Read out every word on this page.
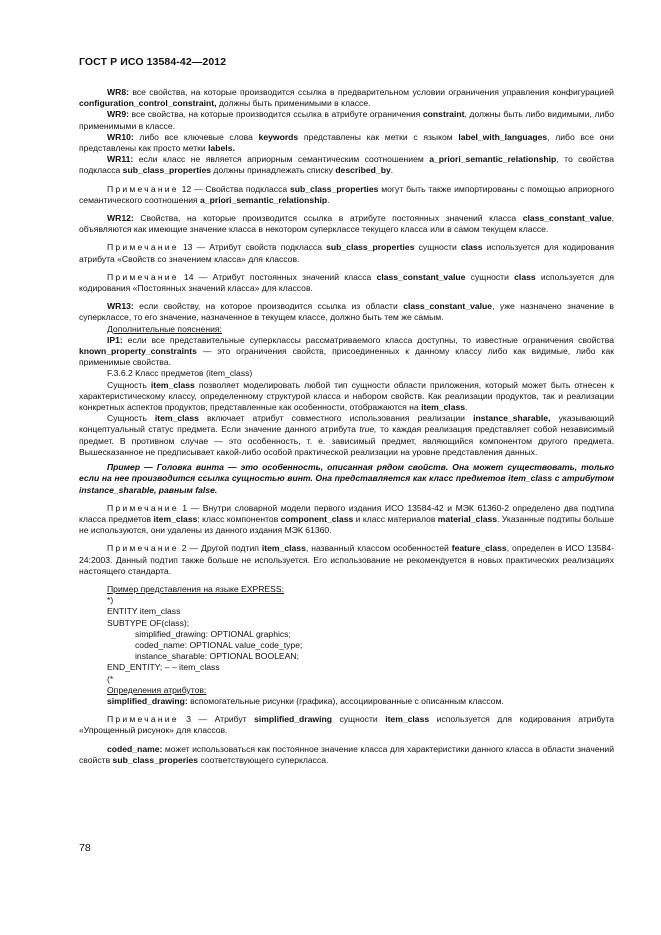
ГОСТ Р ИСО 13584-42—2012

WR8: все свойства, на которые производится ссылка в предварительном условии ограничения управления конфигурацией configuration_control_constraint, должны быть применимыми в классе.

WR9: все свойства, на которые производится ссылка в атрибуте ограничения constraint, должны быть либо видимыми, либо применимыми в классе.

WR10: либо все ключевые слова keywords представлены как метки с языком label_with_languages, либо все они представлены как просто метки labels.

WR11: если класс не является априорным семантическим соотношением a_priori_semantic_relationship, то свойства подкласса sub_class_properties должны принадлежать списку described_by.

Примечание 12 — Свойства подкласса sub_class_properties могут быть также импортированы с помощью априорного семантического соотношения a_priori_semantic_relationship.

WR12: Свойства, на которые производится ссылка в атрибуте постоянных значений класса class_constant_value, объявляются как имеющие значение класса в некотором суперклассе текущего класса или в самом текущем классе.

Примечание 13 — Атрибут свойств подкласса sub_class_properties сущности class используется для кодирования атрибута «Свойств со значением класса» для классов.

Примечание 14 — Атрибут постоянных значений класса class_constant_value сущности class используется для кодирования «Постоянных значений класса» для классов.

WR13: если свойству, на которое производится ссылка из области class_constant_value, уже назначено значение в суперклассе, то его значение, назначенное в текущем классе, должно быть тем же самым.

Дополнительные пояснения:

IP1: если все представительные суперклассы рассматриваемого класса доступны, то известные ограничения свойства known_property_constraints — это ограничения свойств, присоединенных к данному классу либо как видимые, либо как применимые свойства.

F.3.6.2 Класс предметов (item_class)

Сущность item_class позволяет моделировать любой тип сущности области приложения, который может быть отнесен к характеристическому классу, определенному структурой класса и набором свойств. Как реализации продуктов, так и реализации конкретных аспектов продуктов, представленные как особенности, отображаются на item_class.

Сущность item_class включает атрибут совместного использования реализации instance_sharable, указывающий концептуальный статус предмета. Если значение данного атрибута true, то каждая реализация представляет собой независимый предмет. В противном случае — это особенность, т. е. зависимый предмет, являющийся компонентом другого предмета. Вышесказанное не предписывает какой-либо особой практической реализации на уровне представления данных.

Пример — Головка винта — это особенность, описанная рядом свойств. Она может существовать, только если на нее производится ссылка сущностью винт. Она представляется как класс предметов item_class с атрибутом instance_sharable, равным false.

Примечание 1 — Внутри словарной модели первого издания ИСО 13584-42 и МЭК 61360-2 определено два подтипа класса предметов item_class: класс компонентов component_class и класс материалов material_class. Указанные подтипы больше не используются, они удалены из данного издания МЭК 61360.

Примечание 2 — Другой подтип item_class, названный классом особенностей feature_class, определен в ИСО 13584-24:2003. Данный подтип также больше не используется. Его использование не рекомендуется в новых практических реализациях настоящего стандарта.

Пример представления на языке EXPRESS:

*)
ENTITY item_class
SUBTYPE OF(class);
simplified_drawing: OPTIONAL graphics;
coded_name: OPTIONAL value_code_type;
instance_sharable: OPTIONAL BOOLEAN;
END_ENTITY; – – item_class
(*

Определения атрибутов:

simplified_drawing: вспомогательные рисунки (графика), ассоциированные с описанным классом.

Примечание 3 — Атрибут simplified_drawing сущности item_class используется для кодирования атрибута «Упрощенный рисунок» для классов.

coded_name: может использоваться как постоянное значение класса для характеристики данного класса в области значений свойств sub_class_properies соответствующего суперкласса.

78
